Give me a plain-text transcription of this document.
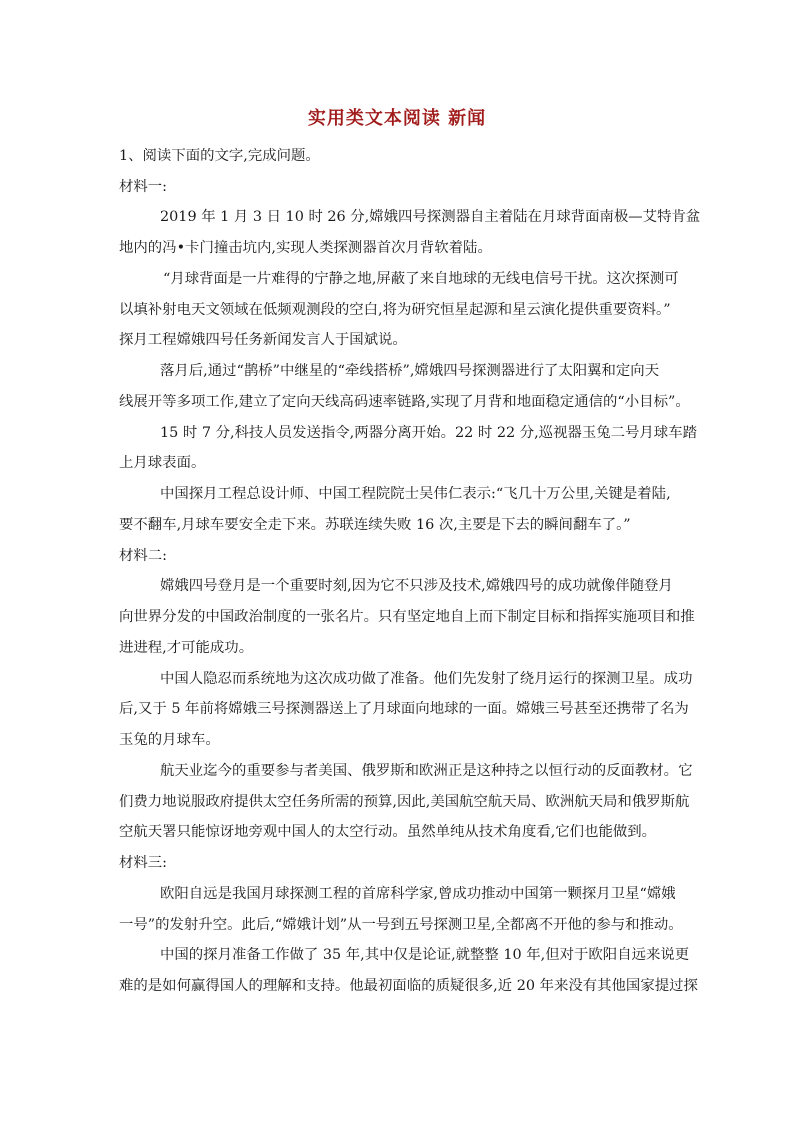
实用类文本阅读 新闻
1、阅读下面的文字,完成问题。
材料一:
2019 年 1 月 3 日 10 时 26 分,嫦娥四号探测器自主着陆在月球背面南极—艾特肯盆
地内的冯•卡门撞击坑内,实现人类探测器首次月背软着陆。
“月球背面是一片难得的宁静之地,屏蔽了来自地球的无线电信号干扰。这次探测可
以填补射电天文领域在低频观测段的空白,将为研究恒星起源和星云演化提供重要资料。”
探月工程嫦娥四号任务新闻发言人于国斌说。
落月后,通过“鹊桥”中继星的“牵线搭桥”,嫦娥四号探测器进行了太阳翼和定向天
线展开等多项工作,建立了定向天线高码速率链路,实现了月背和地面稳定通信的“小目标”。
15 时 7 分,科技人员发送指令,两器分离开始。22 时 22 分,巡视器玉兔二号月球车踏
上月球表面。
中国探月工程总设计师、中国工程院院士吴伟仁表示:“飞几十万公里,关键是着陆,
要不翻车,月球车要安全走下来。苏联连续失败 16 次,主要是下去的瞬间翻车了。”
材料二:
嫦娥四号登月是一个重要时刻,因为它不只涉及技术,嫦娥四号的成功就像伴随登月
向世界分发的中国政治制度的一张名片。只有坚定地自上而下制定目标和指挥实施项目和推
进进程,才可能成功。
中国人隐忍而系统地为这次成功做了准备。他们先发射了绕月运行的探测卫星。成功
后,又于 5 年前将嫦娥三号探测器送上了月球面向地球的一面。嫦娥三号甚至还携带了名为
玉兔的月球车。
航天业迄今的重要参与者美国、俄罗斯和欧洲正是这种持之以恒行动的反面教材。它
们费力地说服政府提供太空任务所需的预算,因此,美国航空航天局、欧洲航天局和俄罗斯航
空航天署只能惊讶地旁观中国人的太空行动。虽然单纯从技术角度看,它们也能做到。
材料三:
欧阳自远是我国月球探测工程的首席科学家,曾成功推动中国第一颗探月卫星“嫦娥
一号”的发射升空。此后,“嫦娥计划”从一号到五号探测卫星,全都离不开他的参与和推动。
中国的探月准备工作做了 35 年,其中仅是论证,就整整 10 年,但对于欧阳自远来说更
难的是如何赢得国人的理解和支持。他最初面临的质疑很多,近 20 年来没有其他国家提过探
